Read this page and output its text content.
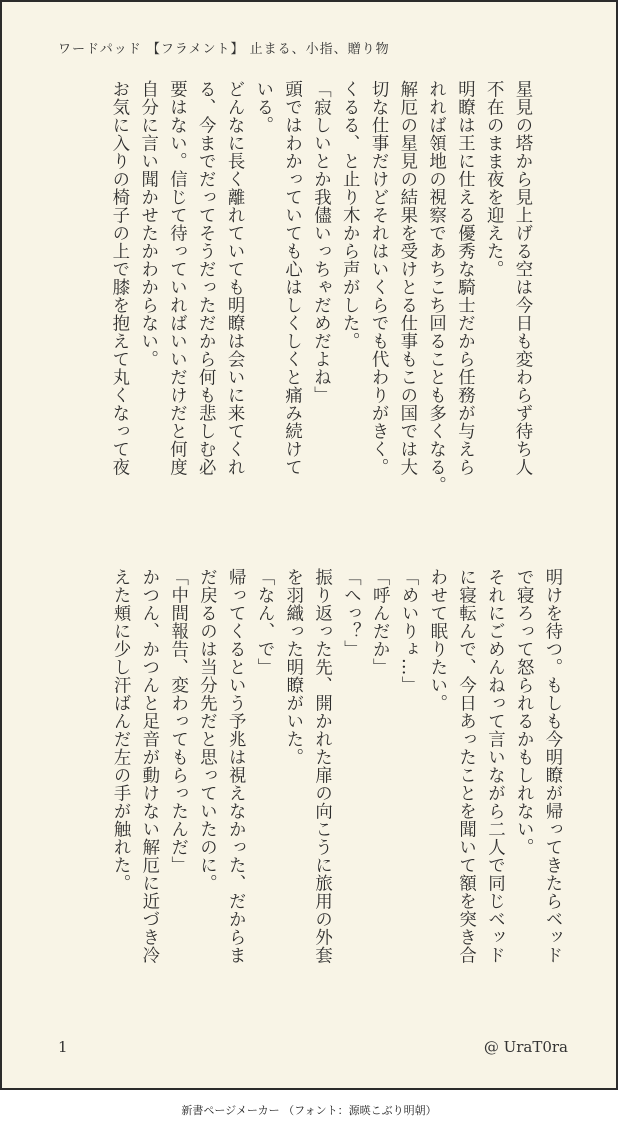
ワードパッド 【フラメント】 止まる、小指、贈り物
星見の塔から見上げる空は今日も変わらず待ち人
不在のまま夜を迎えた。
明瞭は王に仕える優秀な騎士だから任務が与えら
れれば領地の視察であちこち回ることも多くなる。
解厄の星見の結果を受けとる仕事もこの国では大
切な仕事だけどそれはいくらでも代わりがきく。
くるる、と止り木から声がした。
「寂しいとか我儘いっちゃだめだよね」
頭ではわかっていても心はしくしくと痛み続けて
いる。
どんなに長く離れていても明瞭は会いに来てくれ
る、今までだってそうだっただから何も悲しむ必
要はない。信じて待っていればいいだけだと何度
自分に言い聞かせたかわからない。
お気に入りの椅子の上で膝を抱えて丸くなって夜
明けを待つ。もしも今明瞭が帰ってきたらベッド
で寝ろって怒られるかもしれない。
それにごめんねって言いながら二人で同じベッド
に寝転んで、今日あったことを聞いて額を突き合
わせて眠りたい。
「めいりょ…」
「呼んだか」
「へっ？」
振り返った先、開かれた扉の向こうに旅用の外套
を羽織った明瞭がいた。
「なん、で」
帰ってくるという予兆は視えなかった、だからま
だ戻るのは当分先だと思っていたのに。
「中間報告、変わってもらったんだ」
かつん、かつんと足音が動けない解厄に近づき冷
えた頬に少し汗ばんだ左の手が触れた。
1	@ UraT0ra
新書ページメーカー （フォント：源暎こぶり明朝）
